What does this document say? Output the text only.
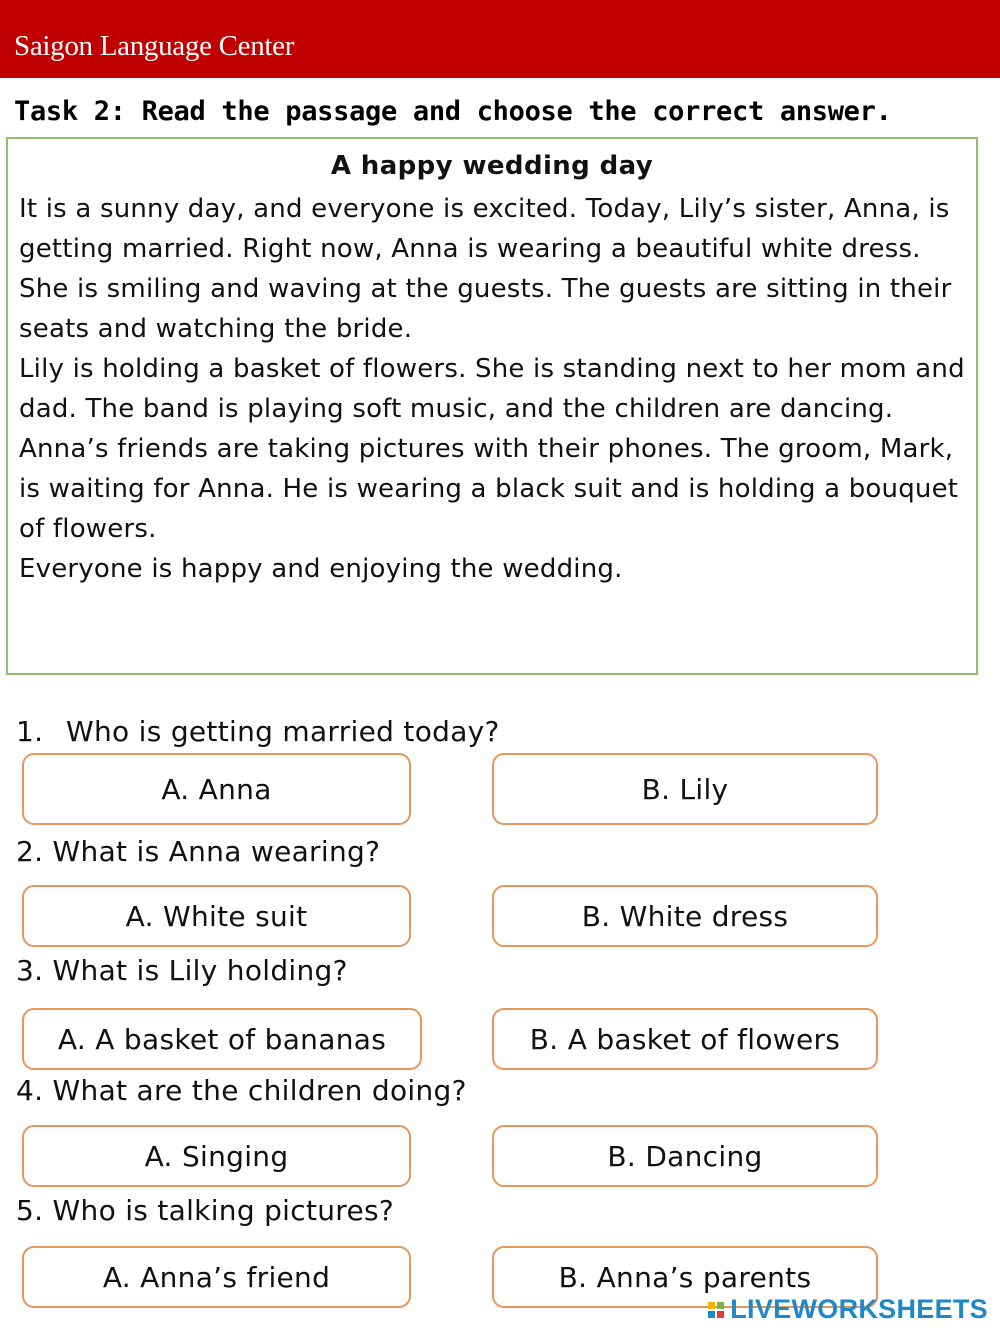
Saigon Language Center
Task 2: Read the passage and choose the correct answer.
A happy wedding day

It is a sunny day, and everyone is excited. Today, Lily’s sister, Anna, is getting married. Right now, Anna is wearing a beautiful white dress. She is smiling and waving at the guests. The guests are sitting in their seats and watching the bride.

Lily is holding a basket of flowers. She is standing next to her mom and dad. The band is playing soft music, and the children are dancing.

Anna’s friends are taking pictures with their phones. The groom, Mark, is waiting for Anna. He is wearing a black suit and is holding a bouquet of flowers.

Everyone is happy and enjoying the wedding.

1. Who is getting married today?
A. Anna	B. Lily
2. What is Anna wearing?
A. White suit	B. White dress
3. What is Lily holding?
A. A basket of bananas	B. A basket of flowers
4. What are the children doing?
A. Singing	B. Dancing
5. Who is talking pictures?
A. Anna’s friend	B. Anna’s parents
LIVEWORKSHEETS
